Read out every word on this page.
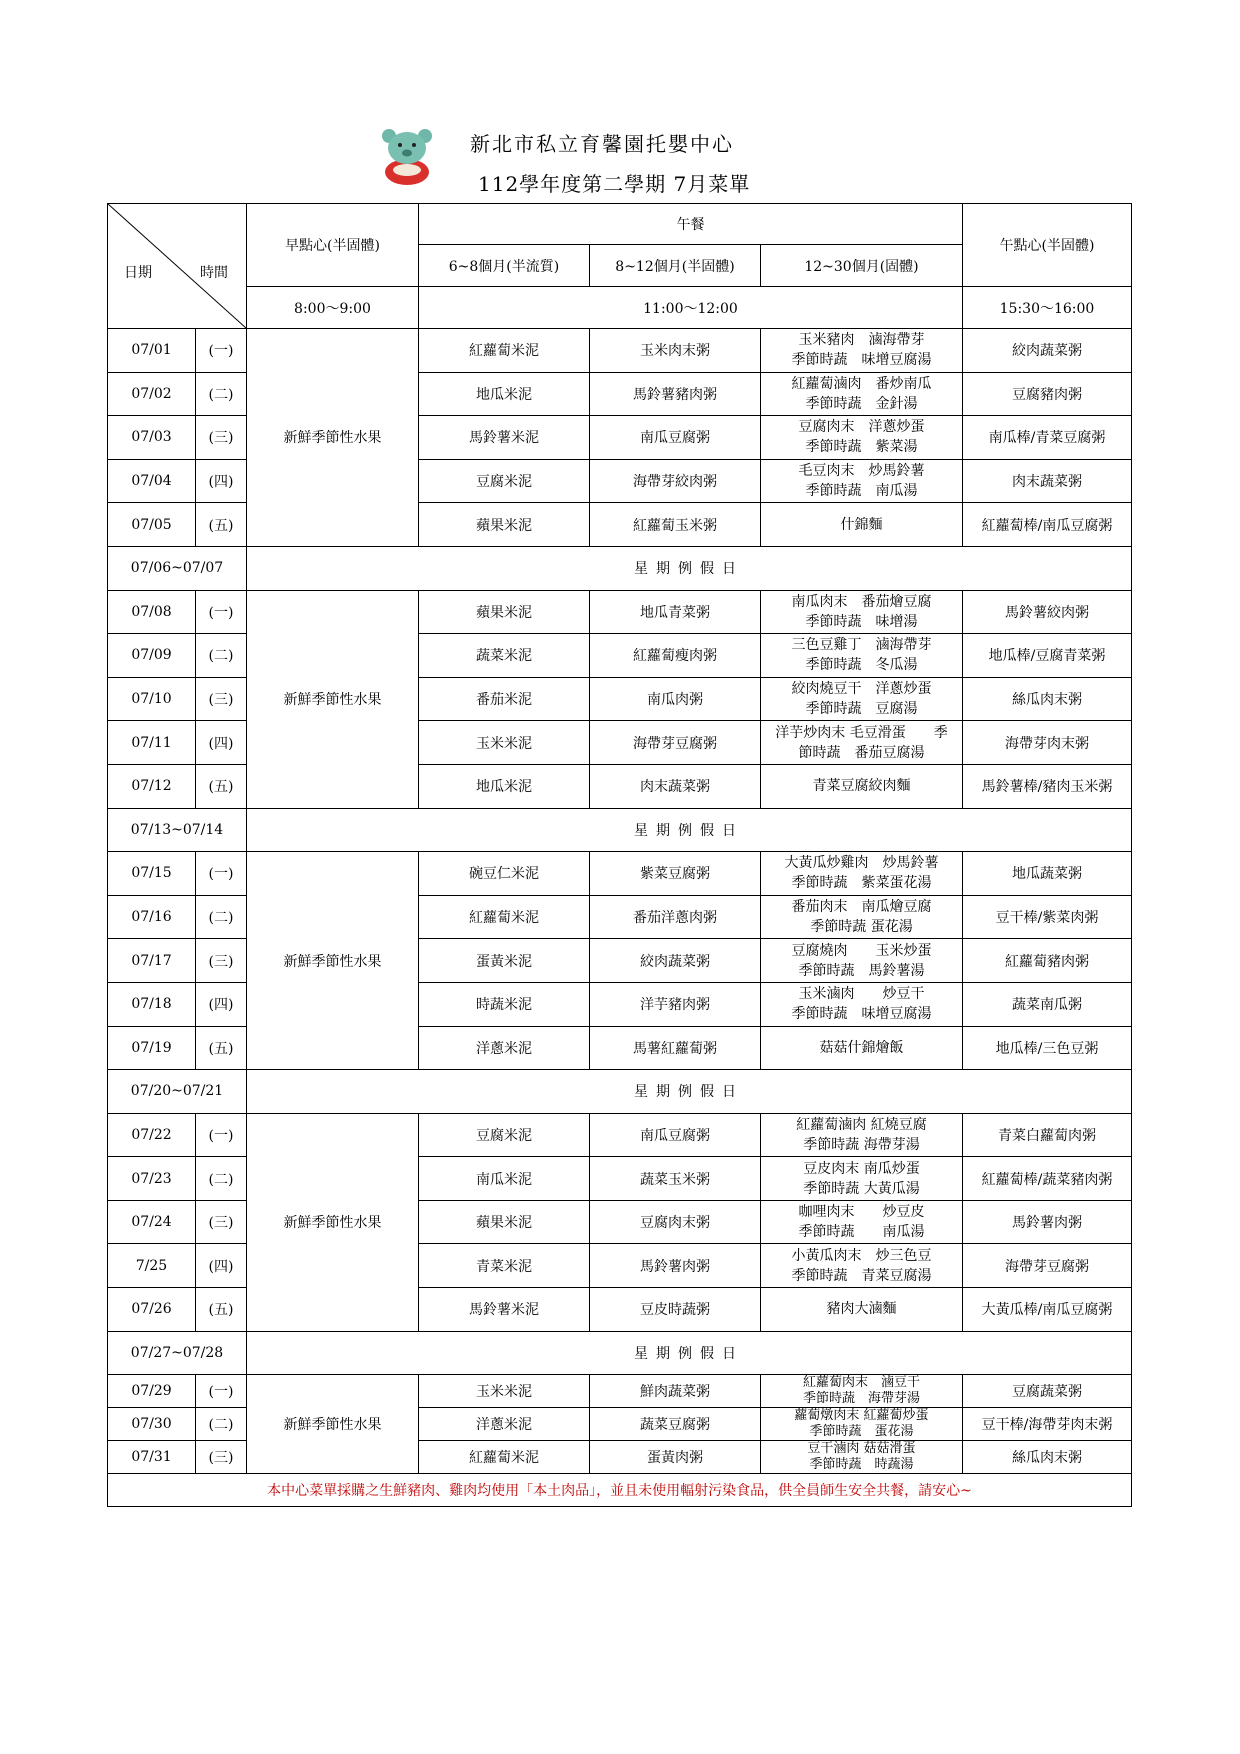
新北市私立育馨園托嬰中心
112學年度第二學期 7月菜單
日期 時間		早點心(半固體)	午餐			午點心(半固體)
			6~8個月(半流質)	8~12個月(半固體)	12~30個月(固體)	
		8:00～9:00	11:00～12:00			15:30～16:00
07/01	(一)	新鮮季節性水果	紅蘿蔔米泥	玉米肉末粥	玉米豬肉　滷海帶芽
季節時蔬　味增豆腐湯	絞肉蔬菜粥
07/02	(二)		地瓜米泥	馬鈴薯豬肉粥	紅蘿蔔滷肉　番炒南瓜
季節時蔬　金針湯	豆腐豬肉粥
07/03	(三)		馬鈴薯米泥	南瓜豆腐粥	豆腐肉末　洋蔥炒蛋
季節時蔬　紫菜湯	南瓜棒/青菜豆腐粥
07/04	(四)		豆腐米泥	海帶芽絞肉粥	毛豆肉末　炒馬鈴薯
季節時蔬　南瓜湯	肉末蔬菜粥
07/05	(五)		蘋果米泥	紅蘿蔔玉米粥	什錦麵	紅蘿蔔棒/南瓜豆腐粥
07/06~07/07		星期例假日				
07/08	(一)	新鮮季節性水果	蘋果米泥	地瓜青菜粥	南瓜肉末　番茄燴豆腐
季節時蔬　味增湯	馬鈴薯絞肉粥
07/09	(二)		蔬菜米泥	紅蘿蔔瘦肉粥	三色豆雞丁　滷海帶芽
季節時蔬　冬瓜湯	地瓜棒/豆腐青菜粥
07/10	(三)		番茄米泥	南瓜肉粥	絞肉燒豆干　洋蔥炒蛋
季節時蔬　豆腐湯	絲瓜肉末粥
07/11	(四)		玉米米泥	海帶芽豆腐粥	洋芋炒肉末 毛豆滑蛋　　季
節時蔬　番茄豆腐湯	海帶芽肉末粥
07/12	(五)		地瓜米泥	肉末蔬菜粥	青菜豆腐絞肉麵	馬鈴薯棒/豬肉玉米粥
07/13~07/14		星期例假日				
07/15	(一)	新鮮季節性水果	碗豆仁米泥	紫菜豆腐粥	大黃瓜炒雞肉　炒馬鈴薯
季節時蔬　紫菜蛋花湯	地瓜蔬菜粥
07/16	(二)		紅蘿蔔米泥	番茄洋蔥肉粥	番茄肉末　南瓜燴豆腐
季節時蔬 蛋花湯	豆干棒/紫菜肉粥
07/17	(三)		蛋黃米泥	絞肉蔬菜粥	豆腐燒肉　　玉米炒蛋
季節時蔬　馬鈴薯湯	紅蘿蔔豬肉粥
07/18	(四)		時蔬米泥	洋芋豬肉粥	玉米滷肉　　炒豆干
季節時蔬　味增豆腐湯	蔬菜南瓜粥
07/19	(五)		洋蔥米泥	馬薯紅蘿蔔粥	菇菇什錦燴飯	地瓜棒/三色豆粥
07/20~07/21		星期例假日				
07/22	(一)	新鮮季節性水果	豆腐米泥	南瓜豆腐粥	紅蘿蔔滷肉 紅燒豆腐
季節時蔬 海帶芽湯	青菜白蘿蔔肉粥
07/23	(二)		南瓜米泥	蔬菜玉米粥	豆皮肉末 南瓜炒蛋
季節時蔬 大黃瓜湯	紅蘿蔔棒/蔬菜豬肉粥
07/24	(三)		蘋果米泥	豆腐肉末粥	咖哩肉末　　炒豆皮
季節時蔬　　南瓜湯	馬鈴薯肉粥
7/25	(四)		青菜米泥	馬鈴薯肉粥	小黃瓜肉末　炒三色豆
季節時蔬　青菜豆腐湯	海帶芽豆腐粥
07/26	(五)		馬鈴薯米泥	豆皮時蔬粥	豬肉大滷麵	大黃瓜棒/南瓜豆腐粥
07/27~07/28		星期例假日				
07/29	(一)	新鮮季節性水果	玉米米泥	鮮肉蔬菜粥	紅蘿蔔肉末　滷豆干
季節時蔬　海帶芽湯	豆腐蔬菜粥
07/30	(二)		洋蔥米泥	蔬菜豆腐粥	蘿蔔燉肉末 紅蘿蔔炒蛋
季節時蔬　蛋花湯	豆干棒/海帶芽肉末粥
07/31	(三)		紅蘿蔔米泥	蛋黃肉粥	豆干滷肉 菇菇滑蛋
季節時蔬　時蔬湯	絲瓜肉末粥
本中心菜單採購之生鮮豬肉、雞肉均使用「本土肉品」，並且未使用輻射污染食品，供全員師生安全共餐，請安心~						
